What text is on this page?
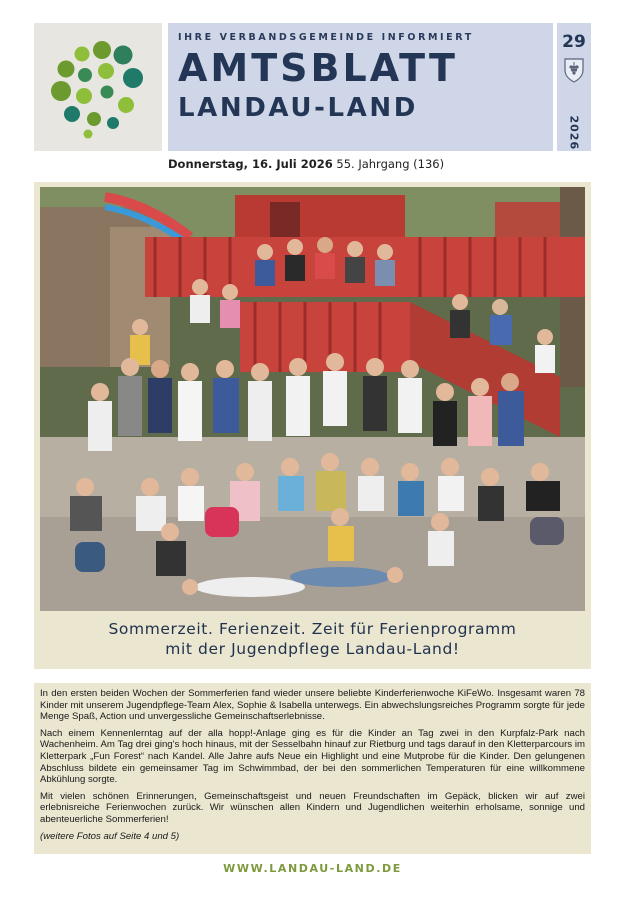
IHRE VERBANDSGEMEINDE INFORMIERT
AMTSBLATT
LANDAU-LAND
29
2026
Donnerstag, 16. Juli 2026 55. Jahrgang (136)
Sommerzeit. Ferienzeit. Zeit für Ferienprogramm
mit der Jugendpflege Landau-Land!

In den ersten beiden Wochen der Sommerferien fand wieder unsere beliebte Kinderferienwoche KiFeWo. Insgesamt waren 78 Kinder mit unserem Jugendpflege-Team Alex, Sophie & Isabella unterwegs. Ein abwechslungsreiches Programm sorgte für jede Menge Spaß, Action und unvergessliche Gemeinschaftserlebnisse.

Nach einem Kennenlerntag auf der alla hopp!-Anlage ging es für die Kinder an Tag zwei in den Kurpfalz-Park nach Wachenheim. Am Tag drei ging's hoch hinaus, mit der Sesselbahn hinauf zur Rietburg und tags darauf in den Kletterparcours im Kletterpark „Fun Forest“ nach Kandel. Alle Jahre aufs Neue ein Highlight und eine Mutprobe für die Kinder. Den gelungenen Abschluss bildete ein gemeinsamer Tag im Schwimmbad, der bei den sommerlichen Temperaturen für eine willkommene Abkühlung sorgte.

Mit vielen schönen Erinnerungen, Gemeinschaftsgeist und neuen Freundschaften im Gepäck, blicken wir auf zwei erlebnisreiche Ferienwochen zurück. Wir wünschen allen Kindern und Jugendlichen weiterhin erholsame, sonnige und abenteuerliche Sommerferien!

(weitere Fotos auf Seite 4 und 5)

WWW.LANDAU-LAND.DE
